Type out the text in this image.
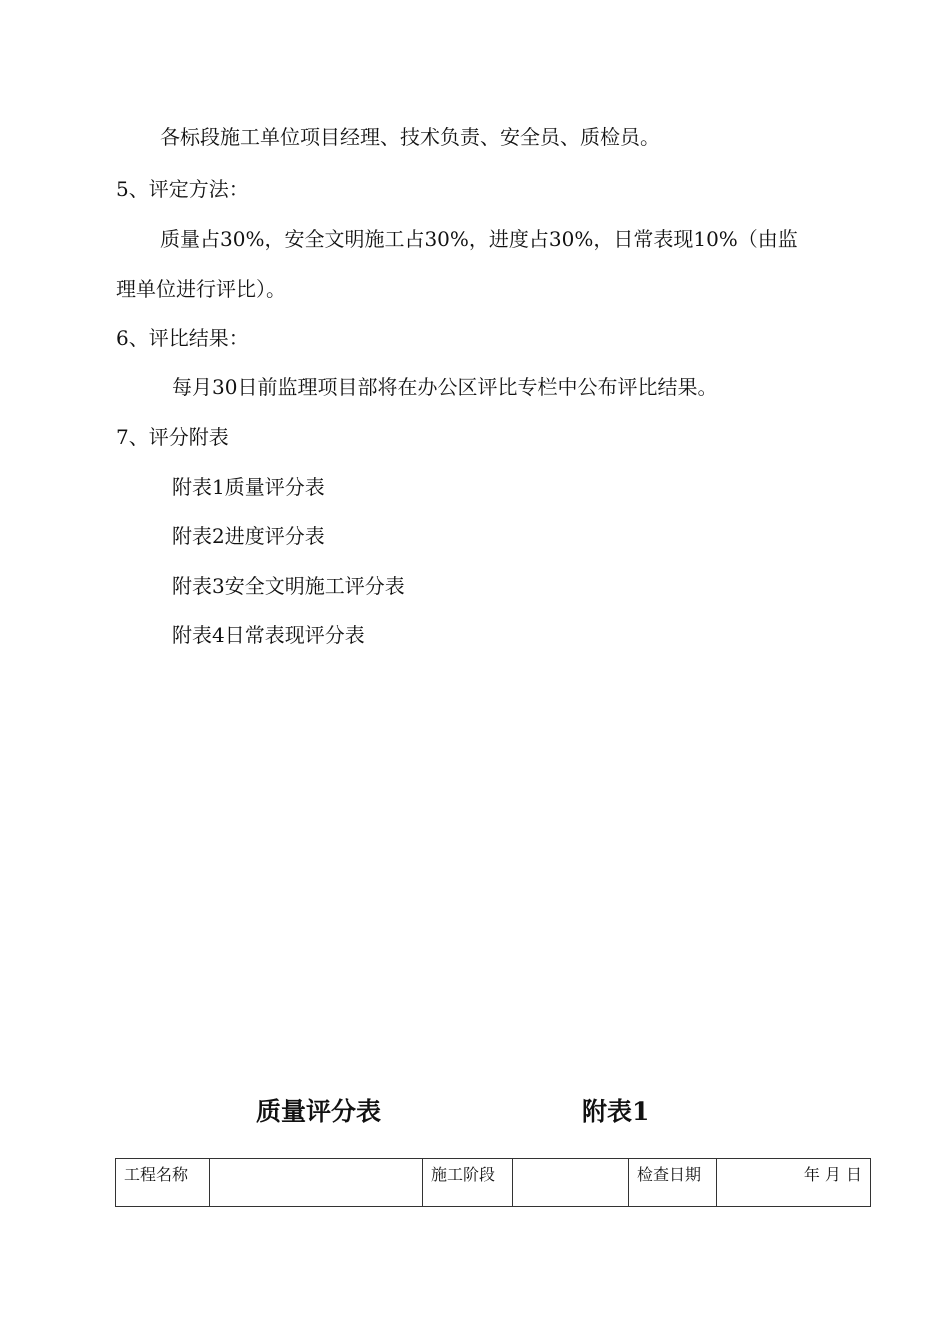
各标段施工单位项目经理、技术负责、安全员、质检员。
5、评定方法：
质量占30%，安全文明施工占30%，进度占30%，日常表现10%（由监
理单位进行评比）。
6、评比结果：
每月30日前监理项目部将在办公区评比专栏中公布评比结果。
7、评分附表
附表1质量评分表
附表2进度评分表
附表3安全文明施工评分表
附表4日常表现评分表
质量评分表	附表1
工程名称		施工阶段		检查日期	年 月 日
